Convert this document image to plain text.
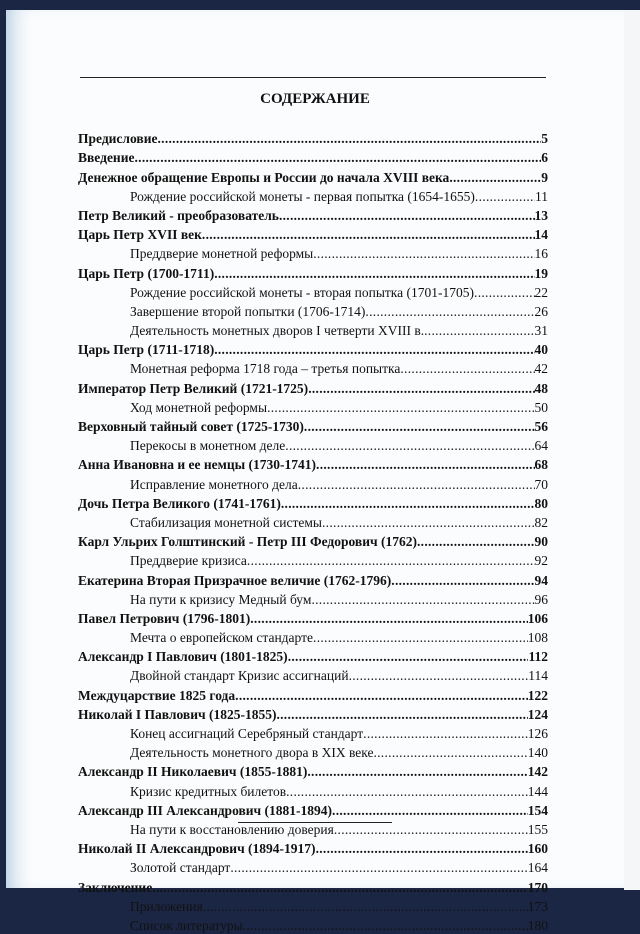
СОДЕРЖАНИЕ
Предисловие .....	5
Введение .....	6
Денежное обращение Европы и России до начала XVIII века .....	9
Рождение российской монеты - первая попытка (1654-1655) .....	11
Петр Великий - преобразователь .....	13
Царь Петр XVII век .....	14
Преддверие монетной реформы .....	16
Царь Петр (1700-1711) .....	19
Рождение российской монеты - вторая попытка (1701-1705) .....	22
Завершение второй попытки (1706-1714) .....	26
Деятельность монетных дворов I четверти XVIII в. .....	31
Царь Петр (1711-1718) .....	40
Монетная реформа 1718 года – третья попытка .....	42
Император Петр Великий (1721-1725) .....	48
Ход монетной реформы .....	50
Верховный тайный совет (1725-1730) .....	56
Перекосы в монетном деле .....	64
Анна Ивановна и ее немцы (1730-1741) .....	68
Исправление монетного дела .....	70
Дочь Петра Великого (1741-1761) .....	80
Стабилизация монетной системы .....	82
Карл Ульрих Голштинский - Петр III Федорович (1762) .....	90
Преддверие кризиса .....	92
Екатерина Вторая Призрачное величие (1762-1796) .....	94
На пути к кризису Медный бум .....	96
Павел Петрович (1796-1801) .....	106
Мечта о европейском стандарте .....	108
Александр I Павлович (1801-1825) .....	112
Двойной стандарт Кризис ассигнаций .....	114
Междуцарствие 1825 года .....	122
Николай I Павлович (1825-1855) .....	124
Конец ассигнаций Серебряный стандарт .....	126
Деятельность монетного двора в XIX веке .....	140
Александр II Николаевич (1855-1881) .....	142
Кризис кредитных билетов .....	144
Александр III Александрович (1881-1894) .....	154
На пути к восстановлению доверия .....	155
Николай II Александрович (1894-1917) .....	160
Золотой стандарт .....	164
Заключение .....	170
Приложения .....	173
Список литературы .....	180
